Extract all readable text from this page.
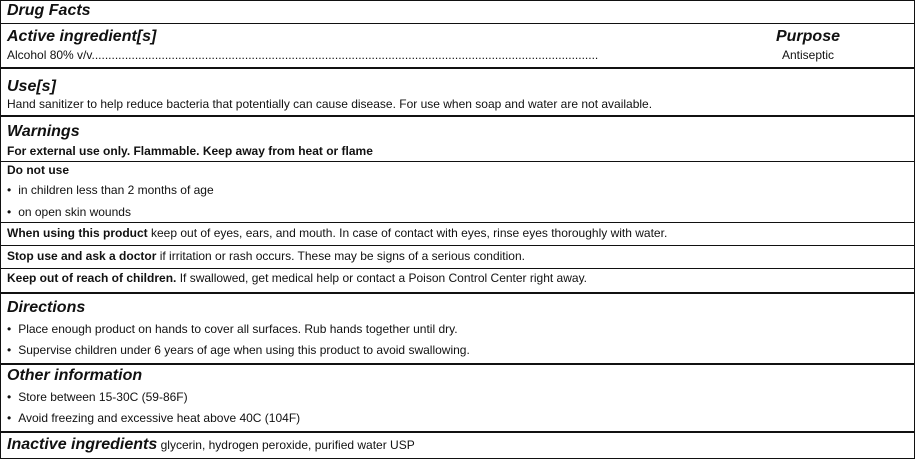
Drug Facts
Active ingredient[s]	Purpose
Alcohol 80% v/v........................................................................................................................................................	Antiseptic
Use[s]
Hand sanitizer to help reduce bacteria that potentially can cause disease. For use when soap and water are not available.
Warnings
For external use only. Flammable. Keep away from heat or flame
Do not use
• in children less than 2 months of age
• on open skin wounds
When using this product keep out of eyes, ears, and mouth. In case of contact with eyes, rinse eyes thoroughly with water.
Stop use and ask a doctor if irritation or rash occurs. These may be signs of a serious condition.
Keep out of reach of children. If swallowed, get medical help or contact a Poison Control Center right away.
Directions
• Place enough product on hands to cover all surfaces. Rub hands together until dry.
• Supervise children under 6 years of age when using this product to avoid swallowing.
Other information
• Store between 15-30C (59-86F)
• Avoid freezing and excessive heat above 40C (104F)
Inactive ingredients glycerin, hydrogen peroxide, purified water USP
